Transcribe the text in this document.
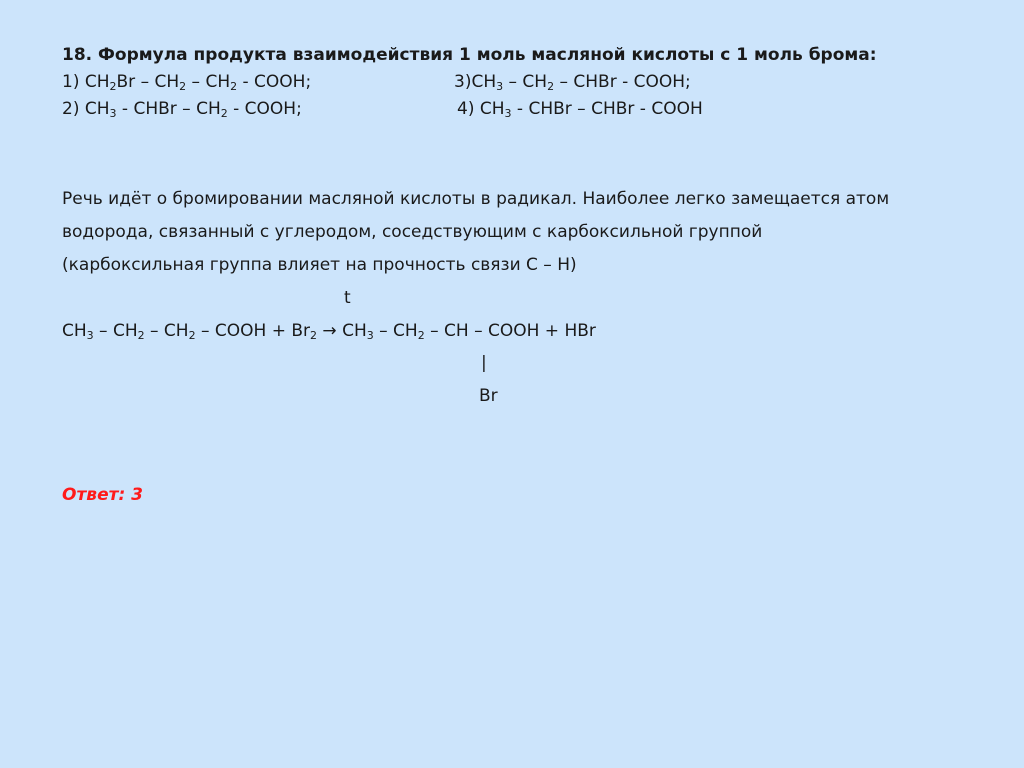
18. Формула продукта взаимодействия 1 моль масляной кислоты с 1 моль брома:
1) $CH_2Br - CH_2 - CH_2$ - COOH;	$3)CH_3 - CH_2$ – CHBr - COOH;
2) $CH_3$ - CHBr – $CH_2$ - COOH;	4) $CH_3$ - CHBr – CHBr - COOH
Речь идёт о бромировании масляной кислоты в радикал. Наиболее легко замещается атом
водорода, связанный с углеродом, соседствующим с карбоксильной группой
(карбоксильная группа влияет на прочность связи С – Н)
t
$CH_3 - CH_2 - CH_2$ – COOH + $Br_2 \to CH_3 - CH_2$ – CH – COOH + HBr
|
Br
Ответ: 3
